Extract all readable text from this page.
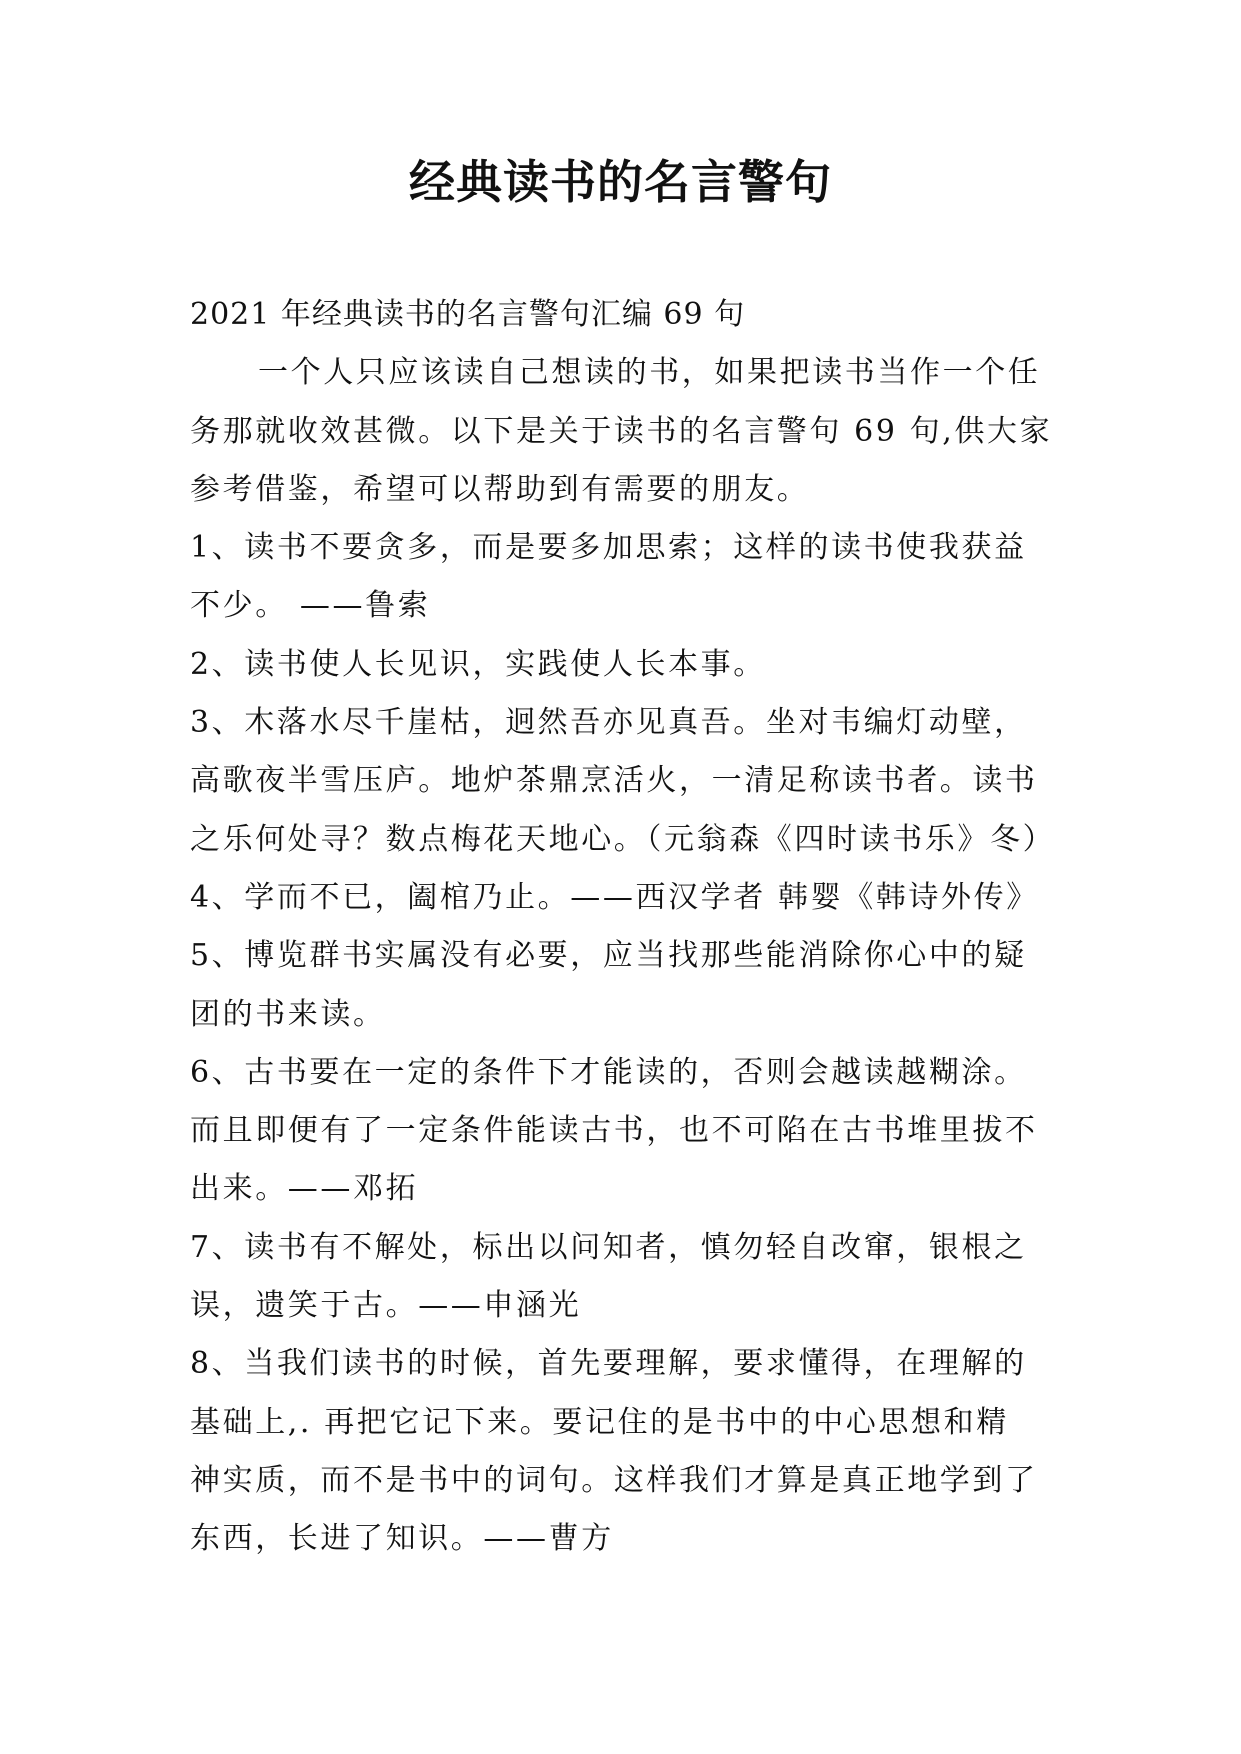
经典读书的名言警句
2021 年经典读书的名言警句汇编 69 句
一个人只应该读自己想读的书，如果把读书当作一个任
务那就收效甚微。以下是关于读书的名言警句 69 句,供大家
参考借鉴，希望可以帮助到有需要的朋友。
1、读书不要贪多，而是要多加思索；这样的读书使我获益
不少。 ——鲁索
2、读书使人长见识，实践使人长本事。
3、木落水尽千崖枯，迥然吾亦见真吾。坐对韦编灯动壁，
高歌夜半雪压庐。地炉茶鼎烹活火，一清足称读书者。读书
之乐何处寻？数点梅花天地心。（元翁森《四时读书乐》冬）
4、学而不已，阖棺乃止。——西汉学者 韩婴《韩诗外传》
5、博览群书实属没有必要，应当找那些能消除你心中的疑
团的书来读。
6、古书要在一定的条件下才能读的，否则会越读越糊涂。
而且即便有了一定条件能读古书，也不可陷在古书堆里拔不
出来。——邓拓
7、读书有不解处，标出以问知者，慎勿轻自改窜，银根之
误，遗笑于古。——申涵光
8、当我们读书的时候，首先要理解，要求懂得，在理解的
基础上,. 再把它记下来。要记住的是书中的中心思想和精
神实质，而不是书中的词句。这样我们才算是真正地学到了
东西，长进了知识。——曹方
